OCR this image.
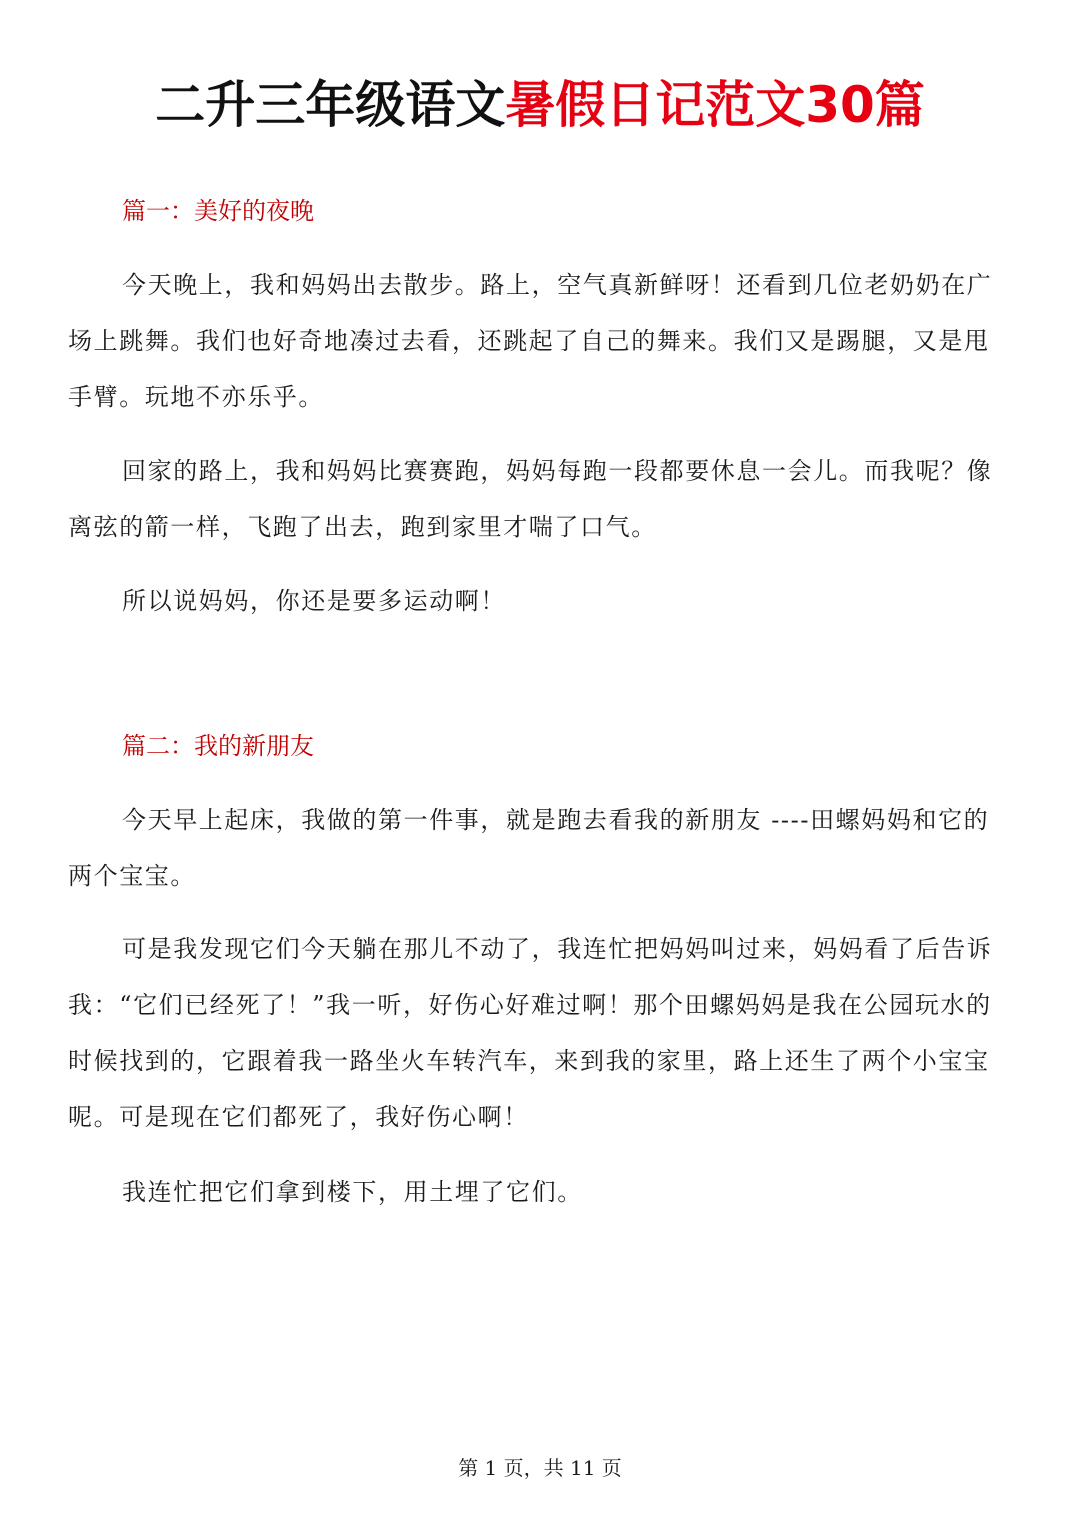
二升三年级语文暑假日记范文30篇
篇一：美好的夜晚

今天晚上，我和妈妈出去散步。路上，空气真新鲜呀！还看到几位老奶奶在广场上跳舞。我们也好奇地凑过去看，还跳起了自己的舞来。我们又是踢腿，又是甩手臂。玩地不亦乐乎。

回家的路上，我和妈妈比赛赛跑，妈妈每跑一段都要休息一会儿。而我呢？像离弦的箭一样，飞跑了出去，跑到家里才喘了口气。

所以说妈妈，你还是要多运动啊！

篇二：我的新朋友

今天早上起床，我做的第一件事，就是跑去看我的新朋友 ----田螺妈妈和它的两个宝宝。

可是我发现它们今天躺在那儿不动了，我连忙把妈妈叫过来，妈妈看了后告诉我：“它们已经死了！”我一听，好伤心好难过啊！那个田螺妈妈是我在公园玩水的时候找到的，它跟着我一路坐火车转汽车，来到我的家里，路上还生了两个小宝宝呢。可是现在它们都死了，我好伤心啊！

我连忙把它们拿到楼下，用土埋了它们。

第 1 页，共 11 页
